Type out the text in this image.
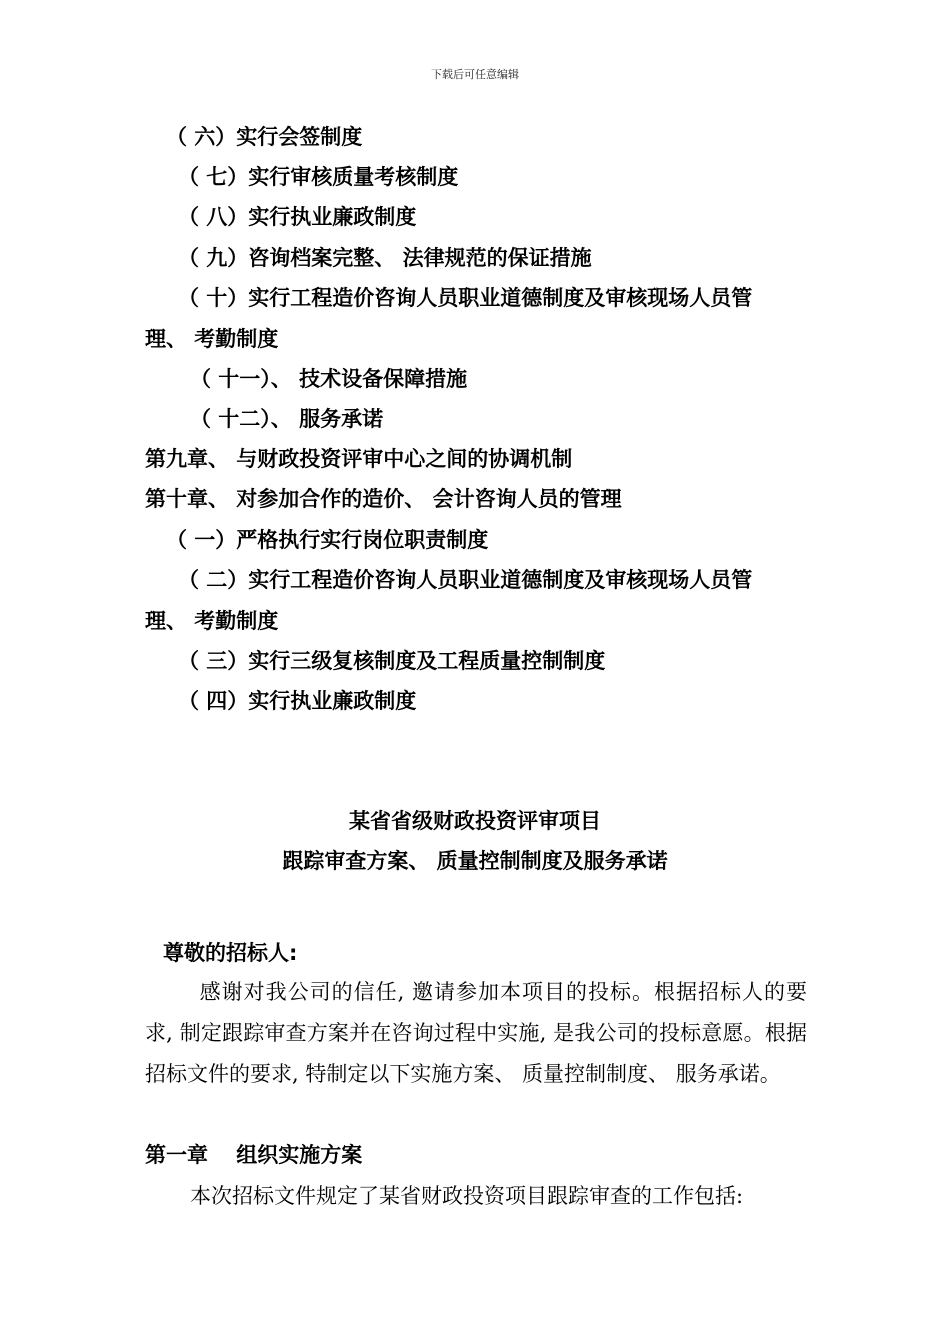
下载后可任意编辑
（ 六）实行会签制度
（ 七）实行审核质量考核制度
（ 八）实行执业廉政制度
（ 九）咨询档案完整、 法律规范的保证措施
（ 十）实行工程造价咨询人员职业道德制度及审核现场人员管
理、 考勤制度
（ 十一）、 技术设备保障措施
（ 十二）、 服务承诺
第九章、 与财政投资评审中心之间的协调机制
第十章、 对参加合作的造价、 会计咨询人员的管理
（ 一）严格执行实行岗位职责制度
（ 二）实行工程造价咨询人员职业道德制度及审核现场人员管
理、 考勤制度
（ 三）实行三级复核制度及工程质量控制制度
（ 四）实行执业廉政制度
某省省级财政投资评审项目
跟踪审查方案、 质量控制制度及服务承诺
尊敬的招标人:
感谢对我公司的信任, 邀请参加本项目的投标。根据招标人的要求, 制定跟踪审查方案并在咨询过程中实施, 是我公司的投标意愿。根据招标文件的要求, 特制定以下实施方案、 质量控制制度、 服务承诺。
第一章　 组织实施方案
本次招标文件规定了某省财政投资项目跟踪审查的工作包括:
